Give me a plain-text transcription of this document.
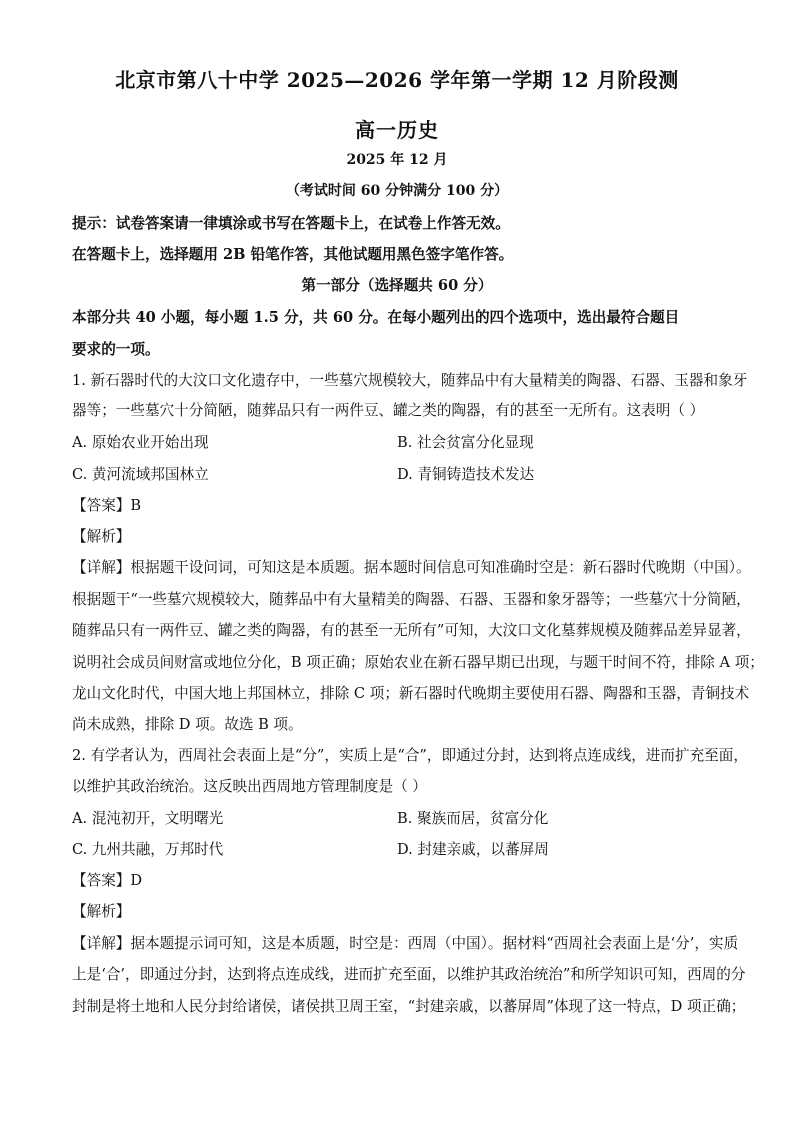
北京市第八十中学 2025—2026 学年第一学期 12 月阶段测
高一历史
2025 年 12 月
（考试时间 60 分钟满分 100 分）
提示：试卷答案请一律填涂或书写在答题卡上，在试卷上作答无效。
在答题卡上，选择题用 2B 铅笔作答，其他试题用黑色签字笔作答。
第一部分（选择题共 60 分）
本部分共 40 小题，每小题 1.5 分，共 60 分。在每小题列出的四个选项中，选出最符合题目
要求的一项。
1. 新石器时代的大汶口文化遗存中，一些墓穴规模较大，随葬品中有大量精美的陶器、石器、玉器和象牙
器等；一些墓穴十分简陋，随葬品只有一两件豆、罐之类的陶器，有的甚至一无所有。这表明（ ）
A. 原始农业开始出现	B. 社会贫富分化显现
C. 黄河流域邦国林立	D. 青铜铸造技术发达
【答案】B
【解析】
【详解】根据题干设问词，可知这是本质题。据本题时间信息可知准确时空是：新石器时代晚期（中国）。
根据题干“一些墓穴规模较大，随葬品中有大量精美的陶器、石器、玉器和象牙器等；一些墓穴十分简陋，
随葬品只有一两件豆、罐之类的陶器，有的甚至一无所有”可知，大汶口文化墓葬规模及随葬品差异显著，
说明社会成员间财富或地位分化，B 项正确；原始农业在新石器早期已出现，与题干时间不符，排除 A 项；
龙山文化时代，中国大地上邦国林立，排除 C 项；新石器时代晚期主要使用石器、陶器和玉器，青铜技术
尚未成熟，排除 D 项。故选 B 项。
2. 有学者认为，西周社会表面上是“分”，实质上是“合”，即通过分封，达到将点连成线，进而扩充至面，
以维护其政治统治。这反映出西周地方管理制度是（ ）
A. 混沌初开，文明曙光	B. 聚族而居，贫富分化
C. 九州共融，万邦时代	D. 封建亲戚，以蕃屏周
【答案】D
【解析】
【详解】据本题提示词可知，这是本质题，时空是：西周（中国）。据材料“西周社会表面上是‘分’，实质
上是‘合’，即通过分封，达到将点连成线，进而扩充至面，以维护其政治统治”和所学知识可知，西周的分
封制是将土地和人民分封给诸侯，诸侯拱卫周王室，“封建亲戚，以蕃屏周”体现了这一特点，D 项正确；
